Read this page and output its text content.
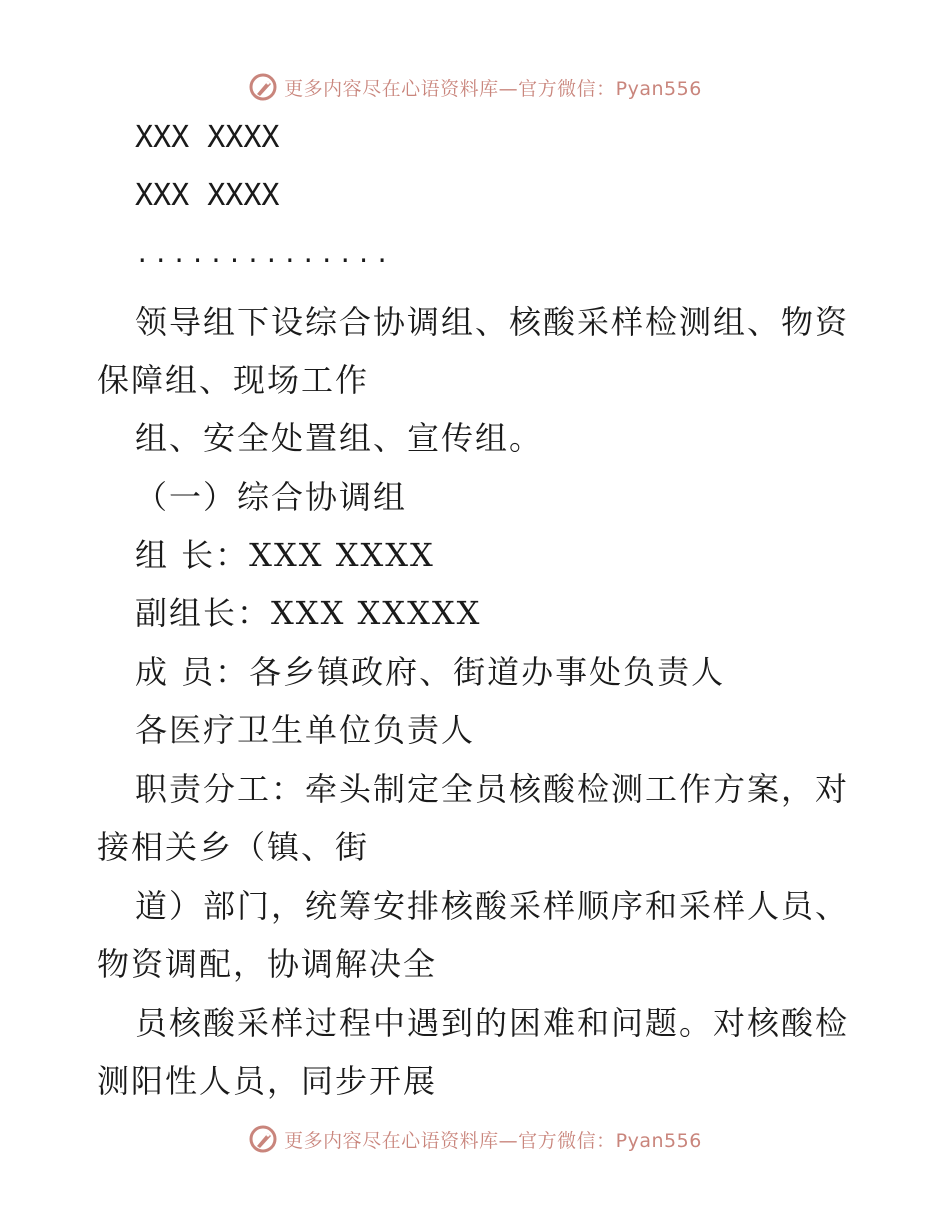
更多内容尽在心语资料库—官方微信：Pyan556
XXX XXXX
XXX XXXX
..............
领导组下设综合协调组、核酸采样检测组、物资
保障组、现场工作
组、安全处置组、宣传组。
（一）综合协调组
组 长：XXX XXXX
副组长：XXX XXXXX
成 员：各乡镇政府、街道办事处负责人
各医疗卫生单位负责人
职责分工：牵头制定全员核酸检测工作方案，对
接相关乡（镇、街
道）部门，统筹安排核酸采样顺序和采样人员、
物资调配，协调解决全
员核酸采样过程中遇到的困难和问题。对核酸检
测阳性人员，同步开展
更多内容尽在心语资料库—官方微信：Pyan556
